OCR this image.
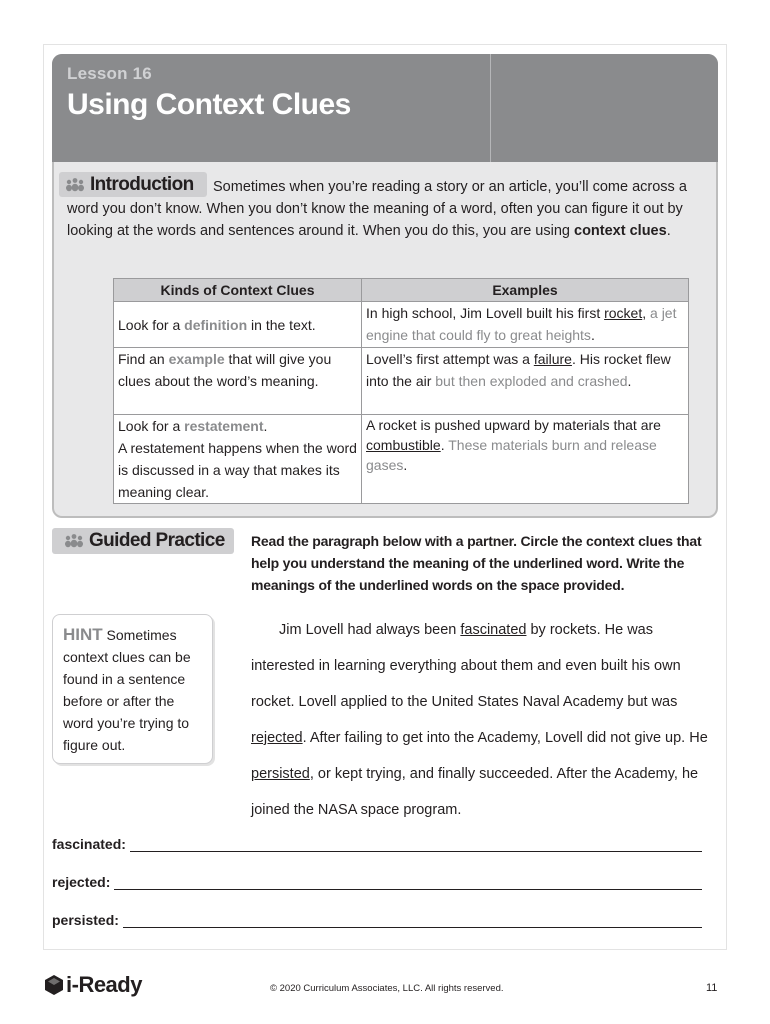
Lesson 16
Using Context Clues
Introduction	Sometimes when you’re reading a story or an article, you’ll come across a word you don’t know. When you don’t know the meaning of a word, often you can figure it out by looking at the words and sentences around it. When you do this, you are using context clues.
Kinds of Context Clues	Examples
Look for a definition in the text.	In high school, Jim Lovell built his first rocket, a jet engine that could fly to great heights.
Find an example that will give you clues about the word’s meaning.	Lovell’s first attempt was a failure. His rocket flew into the air but then exploded and crashed.
Look for a restatement.
A restatement happens when the word is discussed in a way that makes its meaning clear.	A rocket is pushed upward by materials that are combustible. These materials burn and release gases.
Guided Practice Read the paragraph below with a partner. Circle the context clues that help you understand the meaning of the underlined word. Write the meanings of the underlined words on the space provided.
HINT Sometimes context clues can be found in a sentence before or after the word you’re trying to figure out.

Jim Lovell had always been fascinated by rockets. He was interested in learning everything about them and even built his own rocket. Lovell applied to the United States Naval Academy but was rejected. After failing to get into the Academy, Lovell did not give up. He persisted, or kept trying, and finally succeeded. After the Academy, he joined the NASA space program.

fascinated:
rejected:
persisted:
i-Ready	© 2020 Curriculum Associates, LLC. All rights reserved.	11
